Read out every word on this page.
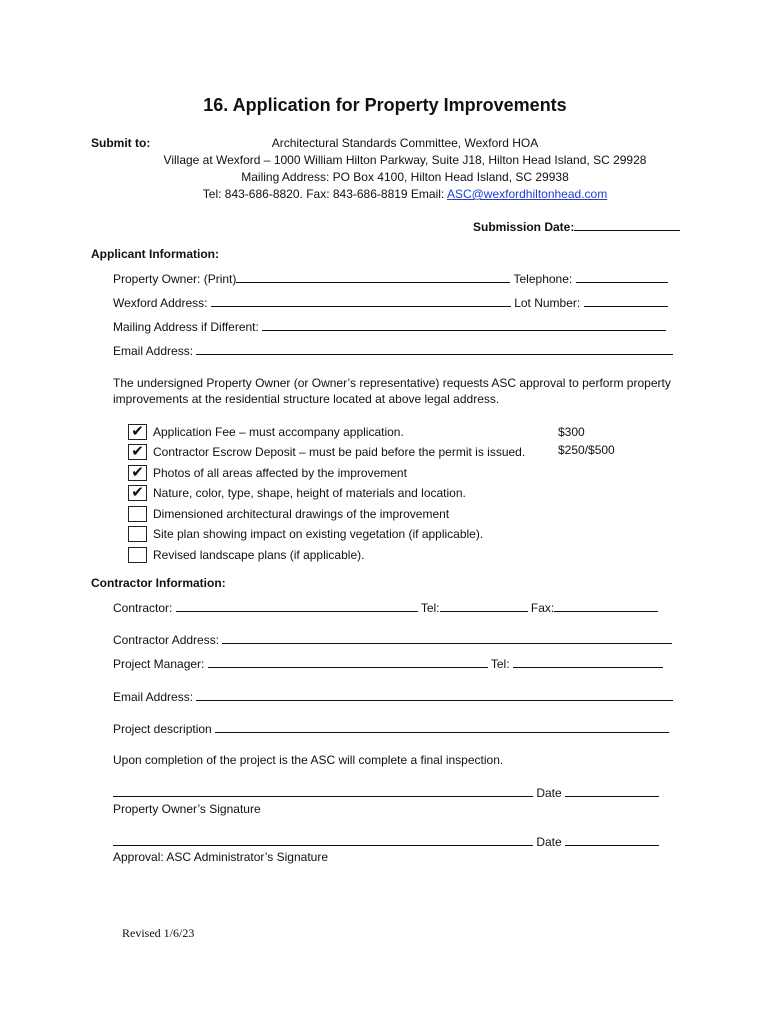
16. Application for Property Improvements
Submit to:	Architectural Standards Committee, Wexford HOA
Village at Wexford – 1000 William Hilton Parkway, Suite J18, Hilton Head Island, SC 29928
Mailing Address: PO Box 4100, Hilton Head Island, SC 29938
Tel: 843-686-8820. Fax: 843-686-8819 Email: ASC@wexfordhiltonhead.com
Submission Date:
Applicant Information:
Property Owner: (Print)	Telephone:
Wexford Address:	Lot Number:
Mailing Address if Different:
Email Address:
The undersigned Property Owner (or Owner’s representative) requests ASC approval to perform property
improvements at the residential structure located at above legal address.
✔ Application Fee – must accompany application.	$300
✔ Contractor Escrow Deposit – must be paid before the permit is issued.	$250/$500
✔ Photos of all areas affected by the improvement
✔ Nature, color, type, shape, height of materials and location.
Dimensioned architectural drawings of the improvement
Site plan showing impact on existing vegetation (if applicable).
Revised landscape plans (if applicable).
Contractor Information:
Contractor:	Tel:	Fax:
Contractor Address:
Project Manager:	Tel:
Email Address:
Project description
Upon completion of the project is the ASC will complete a final inspection.
Date
Property Owner’s Signature
Date
Approval: ASC Administrator’s Signature
Revised 1/6/23
